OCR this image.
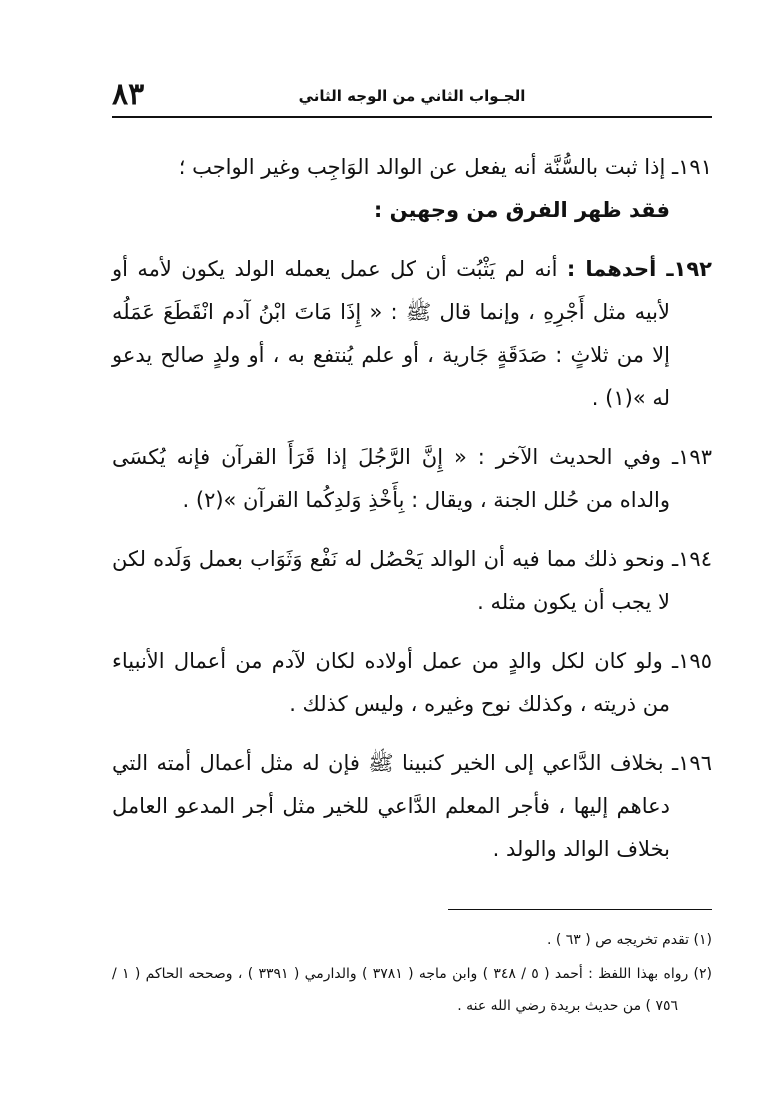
٨٣	الجـواب الثاني من الوجه الثاني

١٩١ـ إذا ثبت بالسُّنَّة أنه يفعل عن الوالد الوَاجِب وغير الواجب ؛

فقد ظهر الفرق من وجهين :

١٩٢ـ أحدهما : أنه لم يَثْبُت أن كل عمل يعمله الولد يكون لأمه أو لأبيه مثل أَجْرِهِ ، وإنما قال ﷺ : « إِذَا مَاتَ ابْنُ آدم انْقَطَعَ عَمَلُه إلا من ثلاثٍ : صَدَقَةٍ جَارية ، أو علم يُنتفع به ، أو ولدٍ صالح يدعو له »(١) .

١٩٣ـ وفي الحديث الآخر : « إِنَّ الرَّجُلَ إذا قَرَأَ القرآن فإنه يُكسَى والداه من حُلل الجنة ، ويقال : بِأَخْذِ وَلدِكُما القرآن »(٢) .

١٩٤ـ ونحو ذلك مما فيه أن الوالد يَحْصُل له نَفْع وَثَوَاب بعمل وَلَده لكن لا يجب أن يكون مثله .

١٩٥ـ ولو كان لكل والدٍ من عمل أولاده لكان لآدم من أعمال الأنبياء من ذريته ، وكذلك نوح وغيره ، وليس كذلك .

١٩٦ـ بخلاف الدَّاعي إلى الخير كنبينا ﷺ فإن له مثل أعمال أمته التي دعاهم إليها ، فأجر المعلم الدَّاعي للخير مثل أجر المدعو العامل بخلاف الوالد والولد .

(١) تقدم تخريجه ص ( ٦٣ ) .

(٢) رواه بهذا اللفظ : أحمد ( ٥ / ٣٤٨ ) وابن ماجه ( ٣٧٨١ ) والدارمي ( ٣٣٩١ ) ، وصححه الحاكم ( ١ / ٧٥٦ ) من حديث بريدة رضي الله عنه .
